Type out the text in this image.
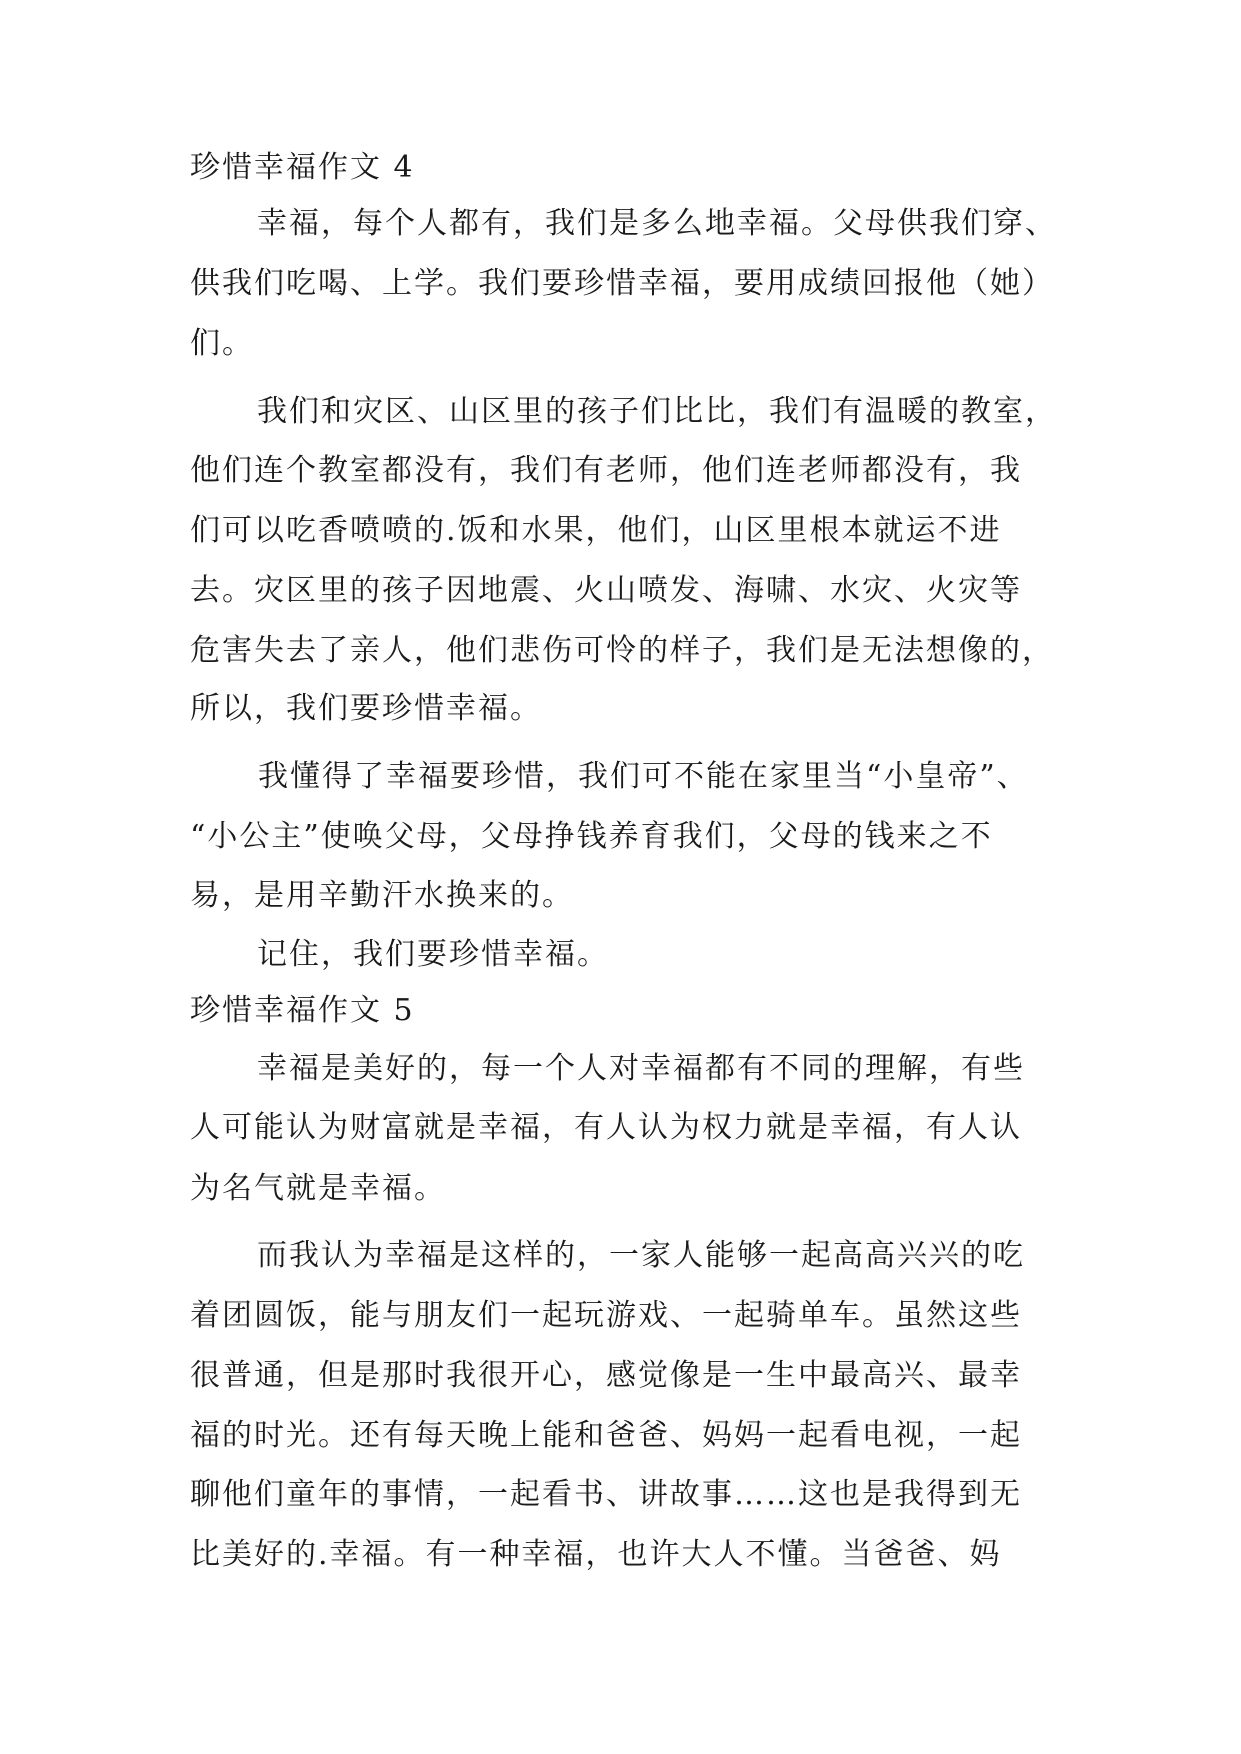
珍惜幸福作文 4
幸福，每个人都有，我们是多么地幸福。父母供我们穿、
供我们吃喝、上学。我们要珍惜幸福，要用成绩回报他（她）
们。
我们和灾区、山区里的孩子们比比，我们有温暖的教室，
他们连个教室都没有，我们有老师，他们连老师都没有，我
们可以吃香喷喷的.饭和水果，他们，山区里根本就运不进
去。灾区里的孩子因地震、火山喷发、海啸、水灾、火灾等
危害失去了亲人，他们悲伤可怜的样子，我们是无法想像的，
所以，我们要珍惜幸福。
我懂得了幸福要珍惜，我们可不能在家里当“小皇帝”、
“小公主”使唤父母，父母挣钱养育我们，父母的钱来之不
易，是用辛勤汗水换来的。
记住，我们要珍惜幸福。
珍惜幸福作文 5
幸福是美好的，每一个人对幸福都有不同的理解，有些
人可能认为财富就是幸福，有人认为权力就是幸福，有人认
为名气就是幸福。
而我认为幸福是这样的，一家人能够一起高高兴兴的吃
着团圆饭，能与朋友们一起玩游戏、一起骑单车。虽然这些
很普通，但是那时我很开心，感觉像是一生中最高兴、最幸
福的时光。还有每天晚上能和爸爸、妈妈一起看电视，一起
聊他们童年的事情，一起看书、讲故事……这也是我得到无
比美好的.幸福。有一种幸福，也许大人不懂。当爸爸、妈
